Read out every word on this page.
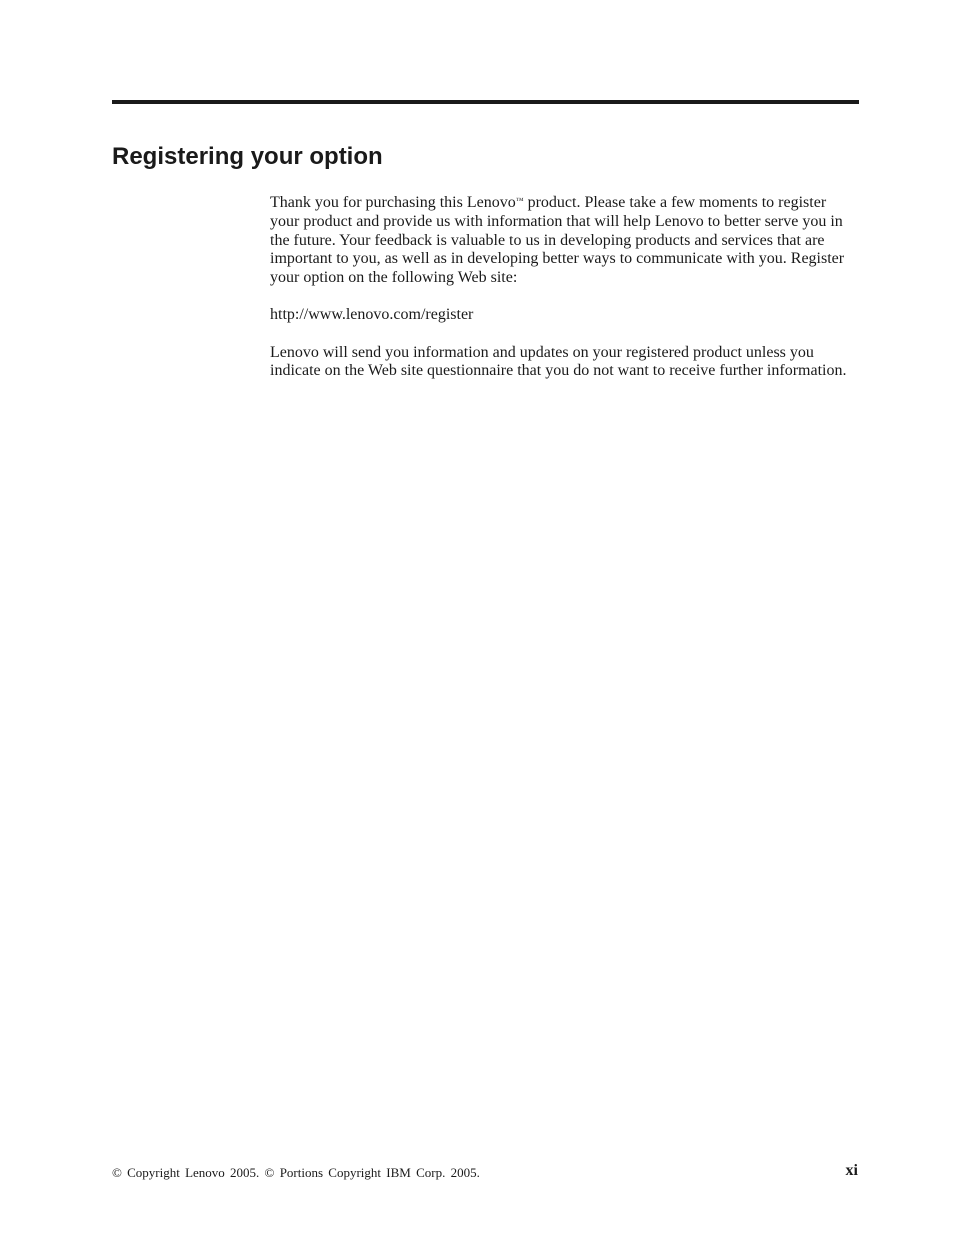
Registering your option

Thank you for purchasing this Lenovo™ product. Please take a few moments to register your product and provide us with information that will help Lenovo to better serve you in the future. Your feedback is valuable to us in developing products and services that are important to you, as well as in developing better ways to communicate with you. Register your option on the following Web site:

http://www.lenovo.com/register

Lenovo will send you information and updates on your registered product unless you indicate on the Web site questionnaire that you do not want to receive further information.

© Copyright Lenovo 2005. © Portions Copyright IBM Corp. 2005.	xi
